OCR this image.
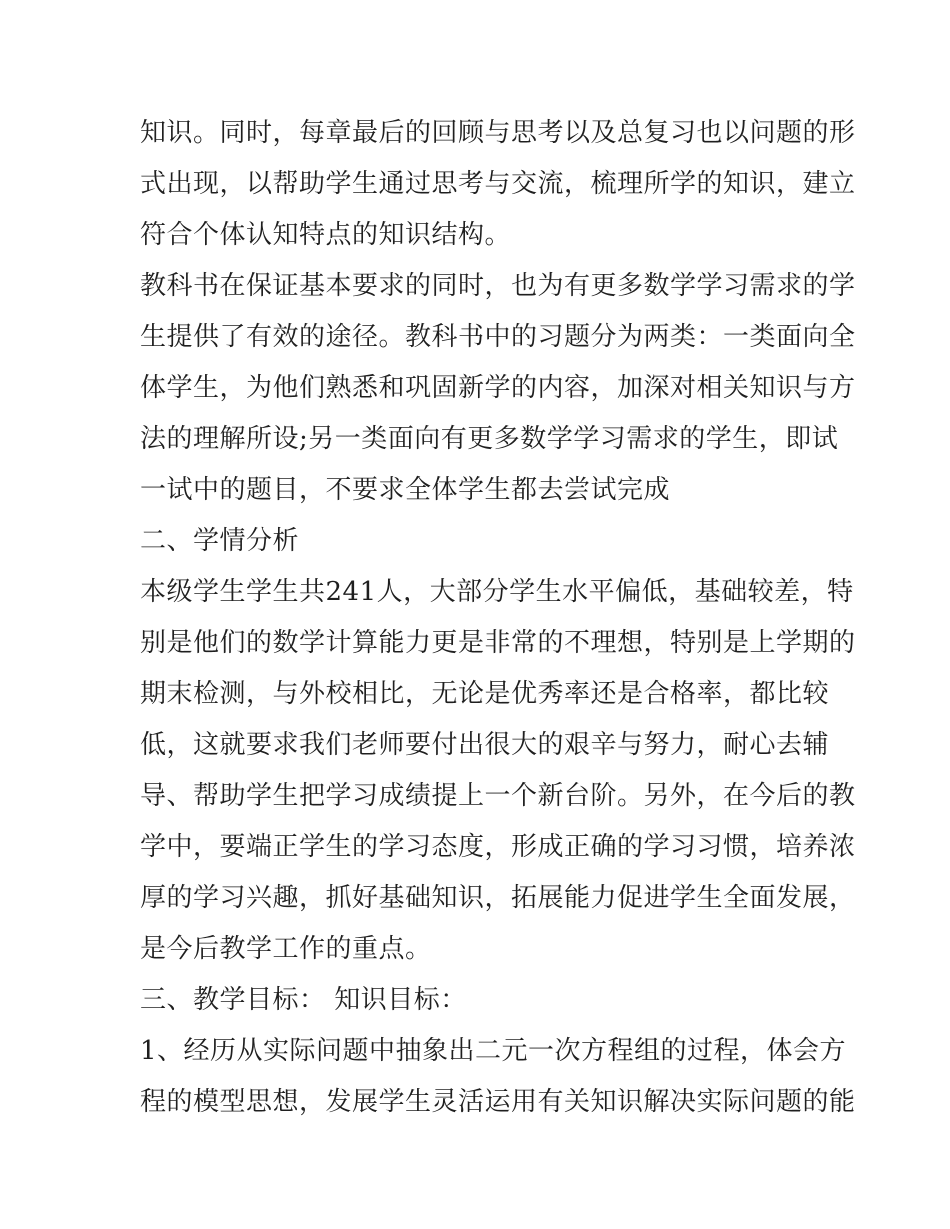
知识。同时，每章最后的回顾与思考以及总复习也以问题的形
式出现，以帮助学生通过思考与交流，梳理所学的知识，建立
符合个体认知特点的知识结构。
教科书在保证基本要求的同时，也为有更多数学学习需求的学
生提供了有效的途径。教科书中的习题分为两类：一类面向全
体学生，为他们熟悉和巩固新学的内容，加深对相关知识与方
法的理解所设;另一类面向有更多数学学习需求的学生，即试
一试中的题目，不要求全体学生都去尝试完成
二、学情分析
本级学生学生共241人，大部分学生水平偏低，基础较差，特
别是他们的数学计算能力更是非常的不理想，特别是上学期的
期末检测，与外校相比，无论是优秀率还是合格率，都比较
低，这就要求我们老师要付出很大的艰辛与努力，耐心去辅
导、帮助学生把学习成绩提上一个新台阶。另外，在今后的教
学中，要端正学生的学习态度，形成正确的学习习惯，培养浓
厚的学习兴趣，抓好基础知识，拓展能力促进学生全面发展，
是今后教学工作的重点。
三、教学目标： 知识目标：
1、经历从实际问题中抽象出二元一次方程组的过程，体会方
程的模型思想，发展学生灵活运用有关知识解决实际问题的能
